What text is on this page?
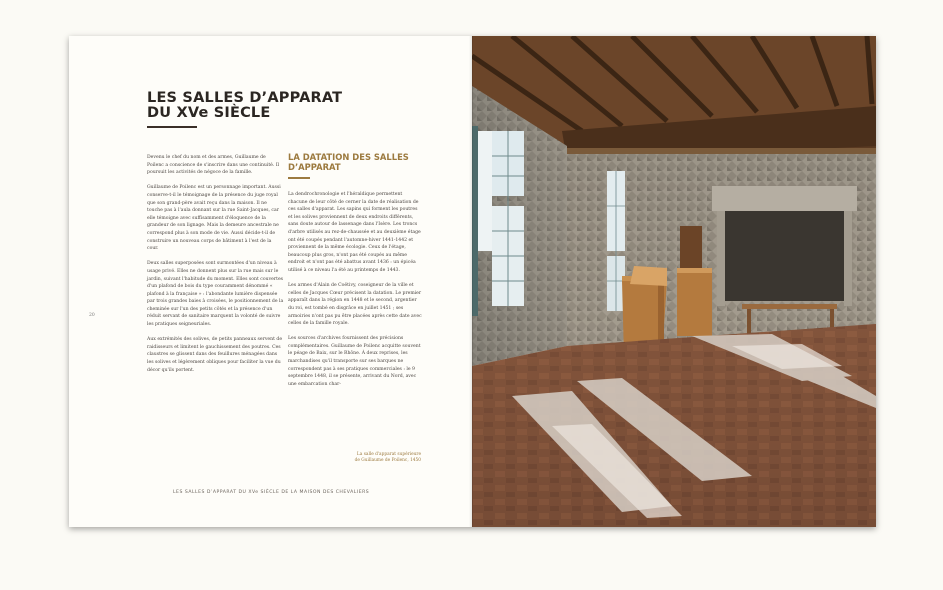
LES SALLES D’APPARAT
DU XVe SIÈCLE
20

Devenu le chef du nom et des armes, Guillaume de Poilenc a conscience de s'inscrire dans une continuité. Il poursuit les activités de négoce de la famille.

Guillaume de Poilenc est un personnage important. Aussi conserve-t-il le témoignage de la présence du juge royal que son grand-père avait reçu dans la maison. Il ne touche pas à l'aula donnant sur la rue Saint-Jacques, car elle témoigne avec suffisamment d'éloquence de la grandeur de son lignage. Mais la demeure ancestrale ne correspond plus à son mode de vie. Aussi décide-t-il de construire un nouveau corps de bâtiment à l'est de la cour.

Deux salles superposées sont surmontées d'un niveau à usage privé. Elles ne donnent plus sur la rue mais sur le jardin, suivant l'habitude du moment. Elles sont couvertes d'un plafond de bois du type couramment dénommé « plafond à la française » : l'abondante lumière dispensée par trois grandes baies à croisées, le positionnement de la cheminée sur l'un des petits côtés et la présence d'un réduit servant de sanitaire marquent la volonté de suivre les pratiques seigneuriales.

Aux extrémités des solives, de petits panneaux servent de raidisseurs et limitent le gauchissement des poutres. Ces claustres se glissent dans des feuillures ménagées dans les solives et légèrement obliques pour faciliter la vue du décor qu'ils portent.

LA DATATION DES SALLES
D’APPARAT

La dendrochronologie et l'héraldique permettent chacune de leur côté de cerner la date de réalisation de ces salles d'apparat. Les sapins qui forment les poutres et les solives proviennent de deux endroits différents, sans doute autour de lassenage dans l'Isère. Les troncs d'arbre utilisés au rez-de-chaussée et au deuxième étage ont été coupés pendant l'automne-hiver 1441-1442 et proviennent de la même écologie. Ceux de l'étage, beaucoup plus gros, n'ont pas été coupés au même endroit et n'ont pas été abattus avant 1436 : un épicéa utilisé à ce niveau l'a été au printemps de 1443.

Les armes d'Alain de Coëtivy, coseigneur de la ville et celles de Jacques Cœur précisent la datation. Le premier apparaît dans la région en 1448 et le second, argentier du roi, est tombé en disgrâce en juillet 1451 ; ses armoiries n'ont pas pu être placées après cette date avec celles de la famille royale.

Les sources d'archives fournissent des précisions complémentaires. Guillaume de Poilenc acquitte souvent le péage de Baix, sur le Rhône. À deux reprises, les marchandises qu'il transporte sur ses barques ne correspondent pas à ses pratiques commerciales : le 9 septembre 1448, il se présente, arrivant du Nord, avec une embarcation char-

La salle d'apparat supérieure
de Guillaume de Poilenc, 1450
LES SALLES D’APPARAT DU XVe SIÈCLE DE LA MAISON DES CHEVALIERS
